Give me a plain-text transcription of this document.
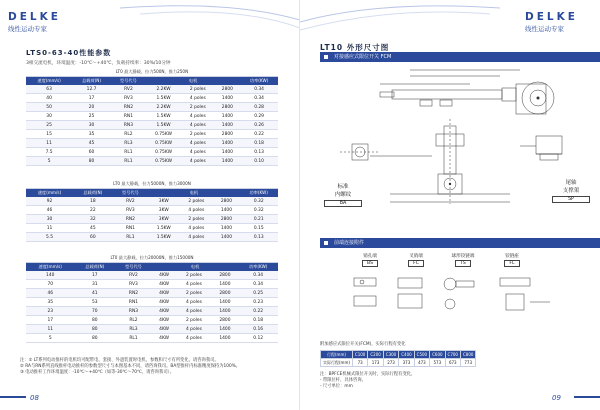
DELKE
线性运动专家
LTS0-63-40性能参数
3相交流电机，环境温度：-10℃～+40℃，负载持续率：30%/10分钟
LT0 最大静载，拉力500N，推力250N						
速度(mm/s)	总载荷(N)	型号代号	电机			功率(KW)
63	12.7	RV2	2.2KW	2 poles	2800	0.34
40	17	RV3	1.5KW	4 poles	1400	0.34
50	20	RN2	2.2KW	2 poles	2800	0.28
30	25	RN1	1.5KW	4 poles	1400	0.29
25	30	RN3	1.5KW	4 poles	1400	0.26
15	35	RL2	0.75KW	2 poles	2800	0.22
11	45	RL3	0.75KW	4 poles	1400	0.18
7.5	60	RL1	0.75KW	4 poles	1400	0.13
5	80	RL1	0.75KW	4 poles	1400	0.10
LT0 最大静载，拉力5000N，推力3000N						
速度(mm/s)	总载荷(N)	型号代号	电机			功率(KW)
92	18	RV2	3KW	2 poles	2800	0.32
46	22	RV3	3KW	4 poles	1400	0.32
30	32	RN2	3KW	2 poles	2800	0.21
11	45	RN1	1.5KW	4 poles	1400	0.15
5.5	60	RL1	1.5KW	4 poles	1400	0.13
LT0 最大静载，拉力20000N，推力15000N						
速度(mm/s)	总载荷(N)	型号代号	电机			功率(KW)
140	17	RV2	4KW	2 poles	2800	0.34
70	31	RV3	4KW	4 poles	1400	0.34
46	41	RN2	4KW	2 poles	2800	0.25
35	53	RN1	4KW	4 poles	1400	0.23
23	70	RN3	4KW	4 poles	1400	0.22
17	80	RL2	4KW	2 poles	2800	0.18
11	80	RL3	4KW	4 poles	1400	0.16
5	80	RL1	4KW	4 poles	1400	0.12
注：① LT系列电动推杆的电机均可配带电、套接、外遮装置时电机，参数和尺寸有所变化，请咨询我司。
② RA与RN系列直线推杆电动推杆的参数型尺寸与本图基本不同，请咨询我司。BA型推杆内标准精度保持为100%。
③ 电动推杆工作环境温度：-10℃～+40℃（如等-30℃～70℃，请咨询我司）。
08
DELKE
线性运动专家
LT10 外形尺寸图
对接感应式限位开关 FCM
标准
内螺纹
BA
尾轴
支撑架
SP
前端连接附件
销孔端
BS
叉销端
FC
球形铰链端
TS
铰链座
FL
附加感应式限位开关(FCM)，实际行程有变化
行程(mm)	C100	C200	C300	C400	C500	C600	C700	C800
实际行程(mm)	73	173	273	373	473	573	673	773
注：BPFCE机械式限位开关时，实际行程有变化，
- 带限位杆，具体咨询。
- 尺寸单位：mm
09
